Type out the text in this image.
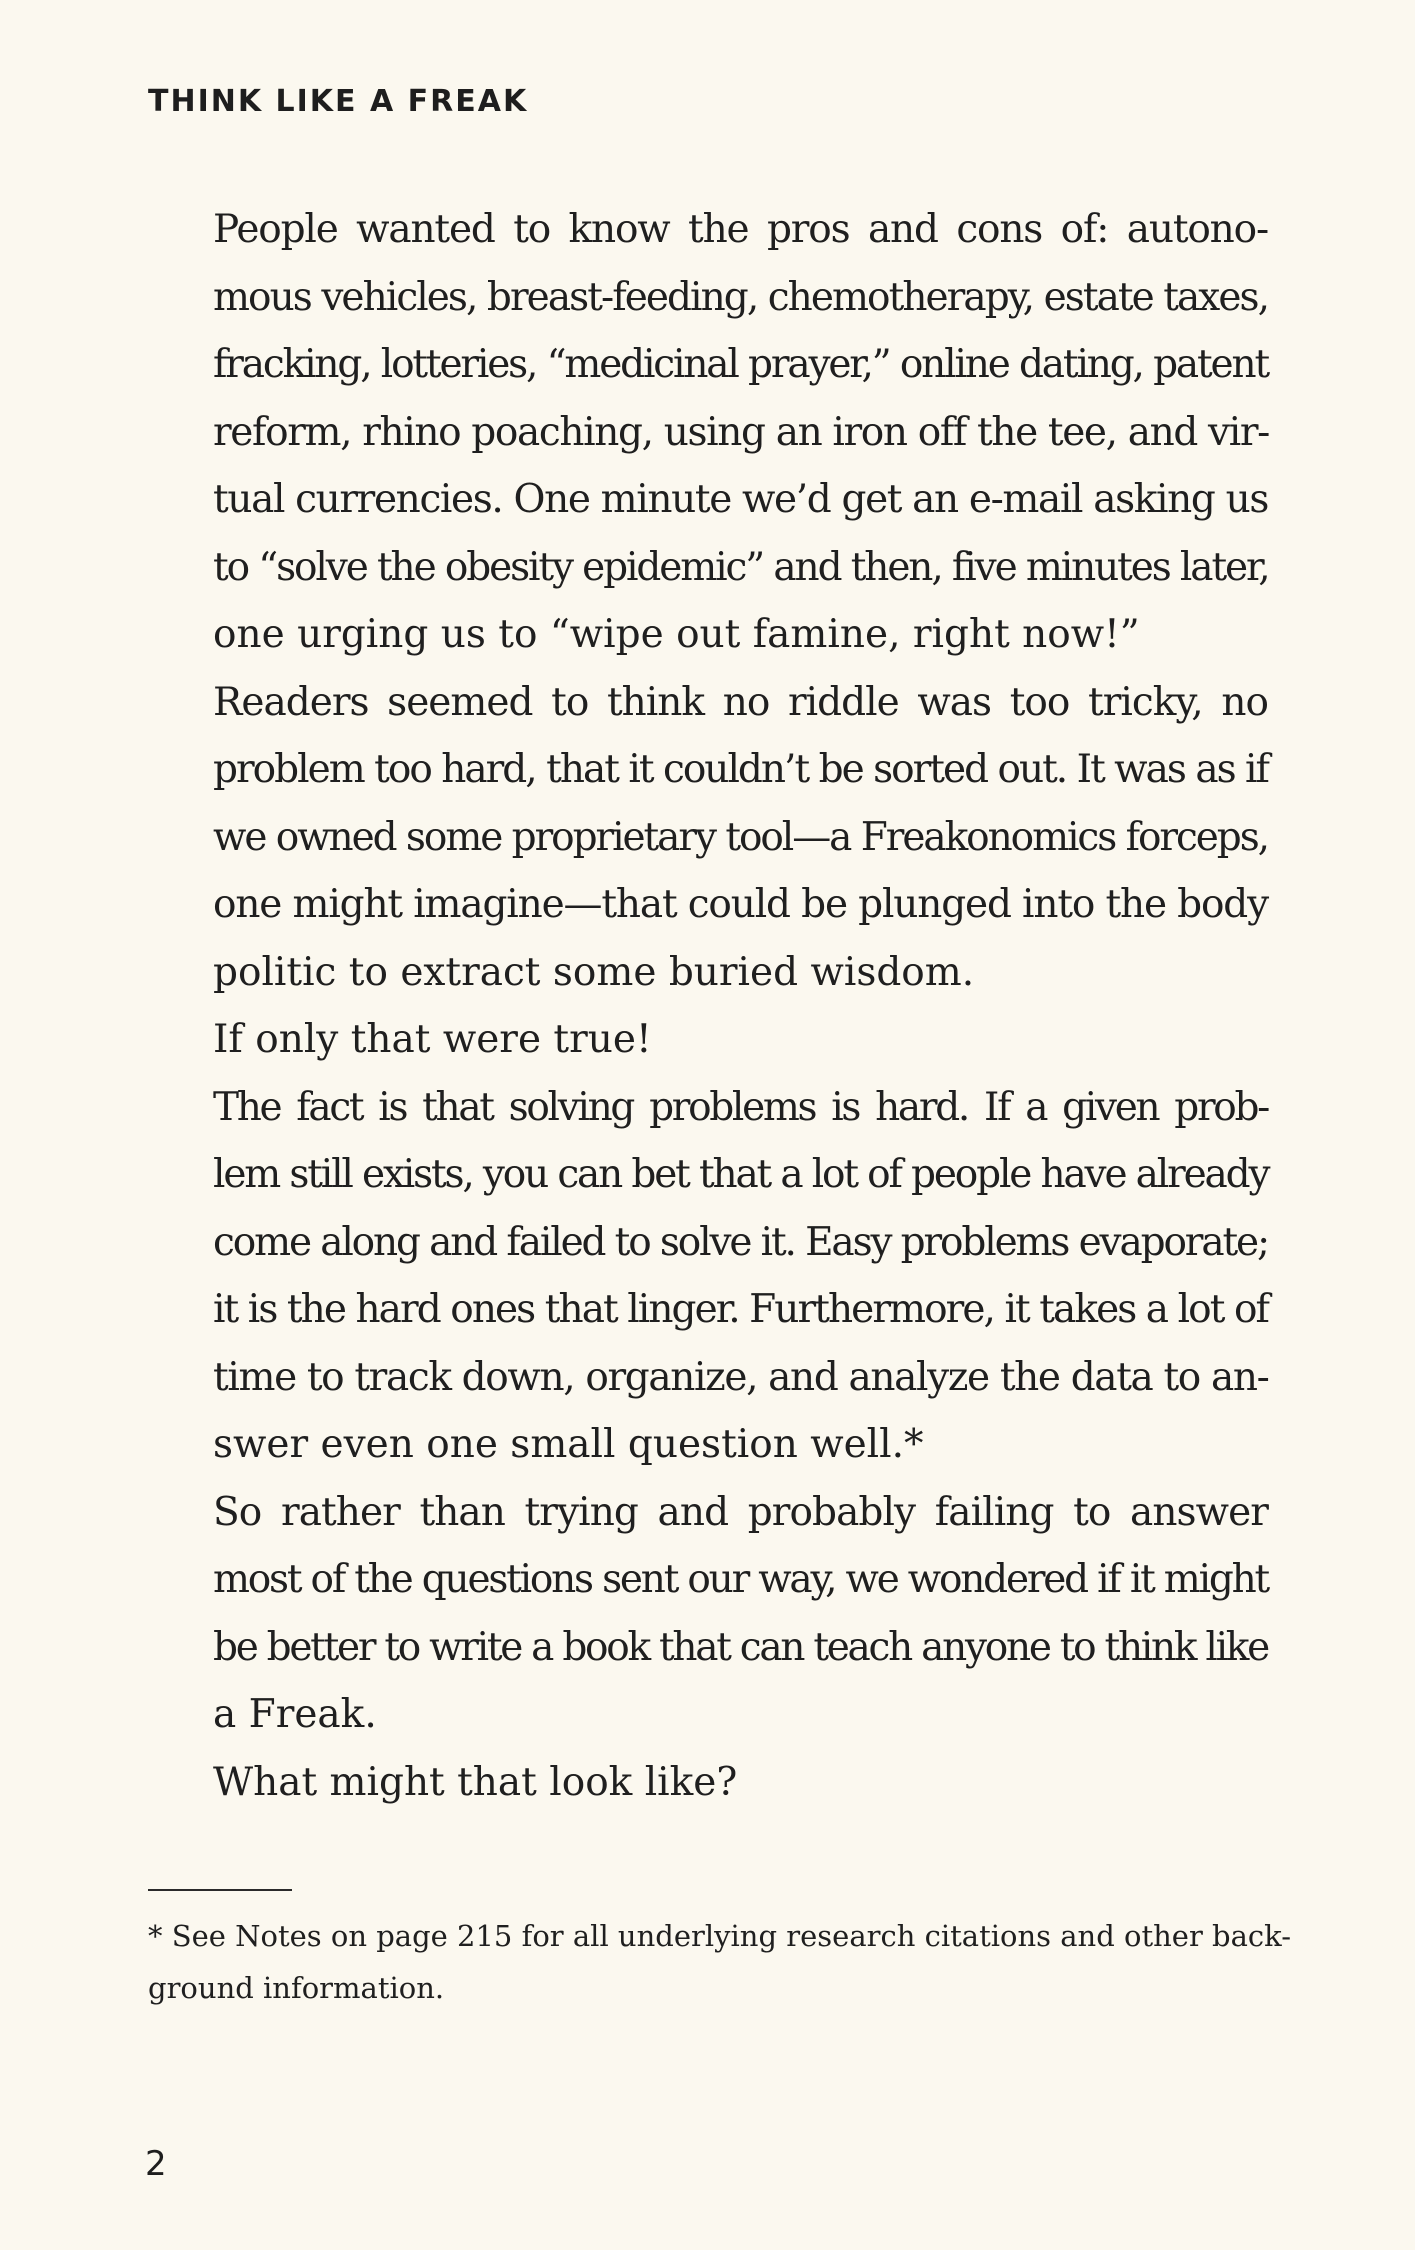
THINK LIKE A FREAK

People wanted to know the pros and cons of: autono-
mous vehicles, breast-feeding, chemotherapy, estate taxes,
fracking, lotteries, “medicinal prayer,” online dating, patent
reform, rhino poaching, using an iron off the tee, and vir-
tual currencies. One minute we’d get an e-mail asking us
to “solve the obesity epidemic” and then, five minutes later,
one urging us to “wipe out famine, right now!”

Readers seemed to think no riddle was too tricky, no
problem too hard, that it couldn’t be sorted out. It was as if
we owned some proprietary tool—a Freakonomics forceps,
one might imagine—that could be plunged into the body
politic to extract some buried wisdom.

If only that were true!

The fact is that solving problems is hard. If a given prob-
lem still exists, you can bet that a lot of people have already
come along and failed to solve it. Easy problems evaporate;
it is the hard ones that linger. Furthermore, it takes a lot of
time to track down, organize, and analyze the data to an-
swer even one small question well.*

So rather than trying and probably failing to answer
most of the questions sent our way, we wondered if it might
be better to write a book that can teach anyone to think like
a Freak.

What might that look like?

* See Notes on page 215 for all underlying research citations and other back-
ground information.
2
